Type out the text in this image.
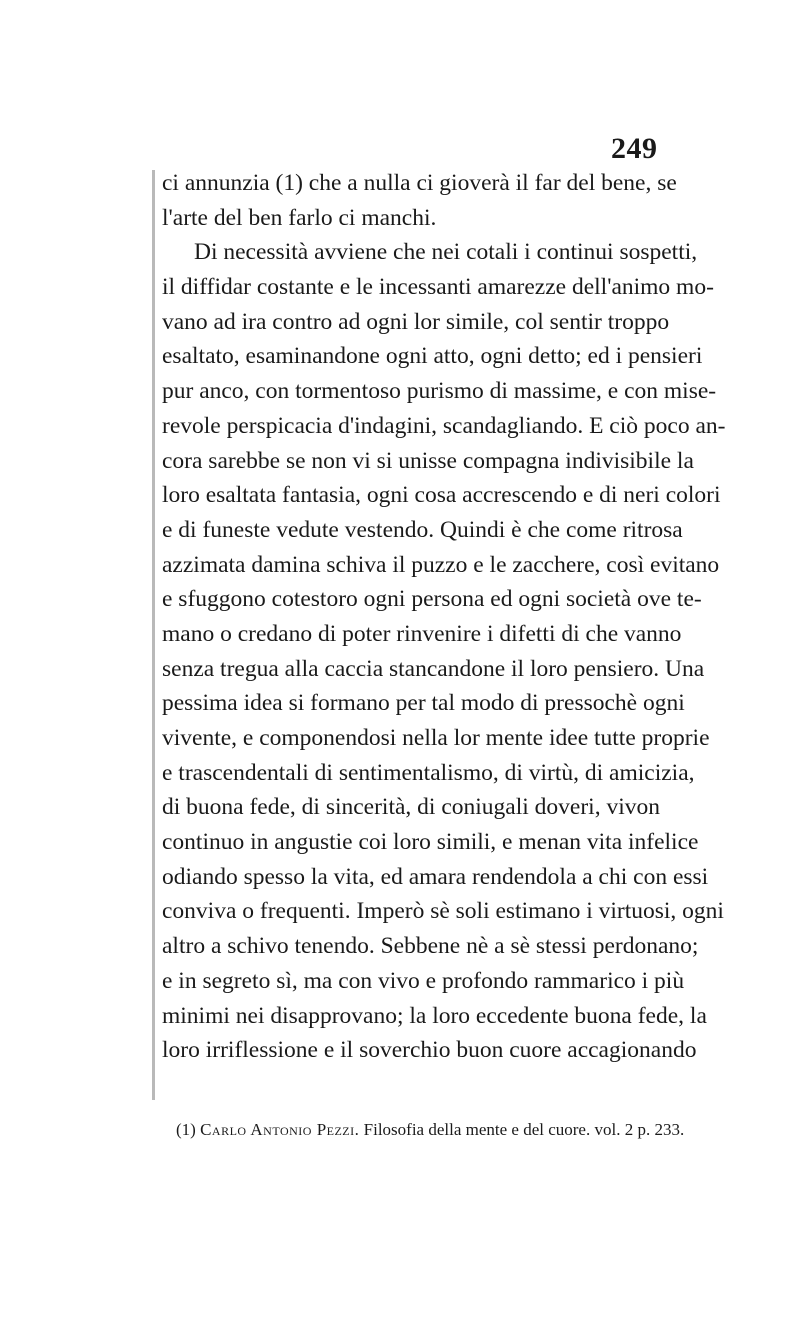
249
ci annunzia (1) che a nulla ci gioverà il far del bene, se
l'arte del ben farlo ci manchi.
Di necessità avviene che nei cotali i continui sospetti,
il diffidar costante e le incessanti amarezze dell'animo mo-
vano ad ira contro ad ogni lor simile, col sentir troppo
esaltato, esaminandone ogni atto, ogni detto; ed i pensieri
pur anco, con tormentoso purismo di massime, e con mise-
revole perspicacia d'indagini, scandagliando. E ciò poco an-
cora sarebbe se non vi si unisse compagna indivisibile la
loro esaltata fantasia, ogni cosa accrescendo e di neri colori
e di funeste vedute vestendo. Quindi è che come ritrosa
azzimata damina schiva il puzzo e le zacchere, così evitano
e sfuggono cotestoro ogni persona ed ogni società ove te-
mano o credano di poter rinvenire i difetti di che vanno
senza tregua alla caccia stancandone il loro pensiero. Una
pessima idea si formano per tal modo di pressochè ogni
vivente, e componendosi nella lor mente idee tutte proprie
e trascendentali di sentimentalismo, di virtù, di amicizia,
di buona fede, di sincerità, di coniugali doveri, vivon
continuo in angustie coi loro simili, e menan vita infelice
odiando spesso la vita, ed amara rendendola a chi con essi
conviva o frequenti. Imperò sè soli estimano i virtuosi, ogni
altro a schivo tenendo. Sebbene nè a sè stessi perdonano;
e in segreto sì, ma con vivo e profondo rammarico i più
minimi nei disapprovano; la loro eccedente buona fede, la
loro irriflessione e il soverchio buon cuore accagionando
(1) Carlo Antonio Pezzi. Filosofia della mente e del cuore. vol. 2 p. 233.
